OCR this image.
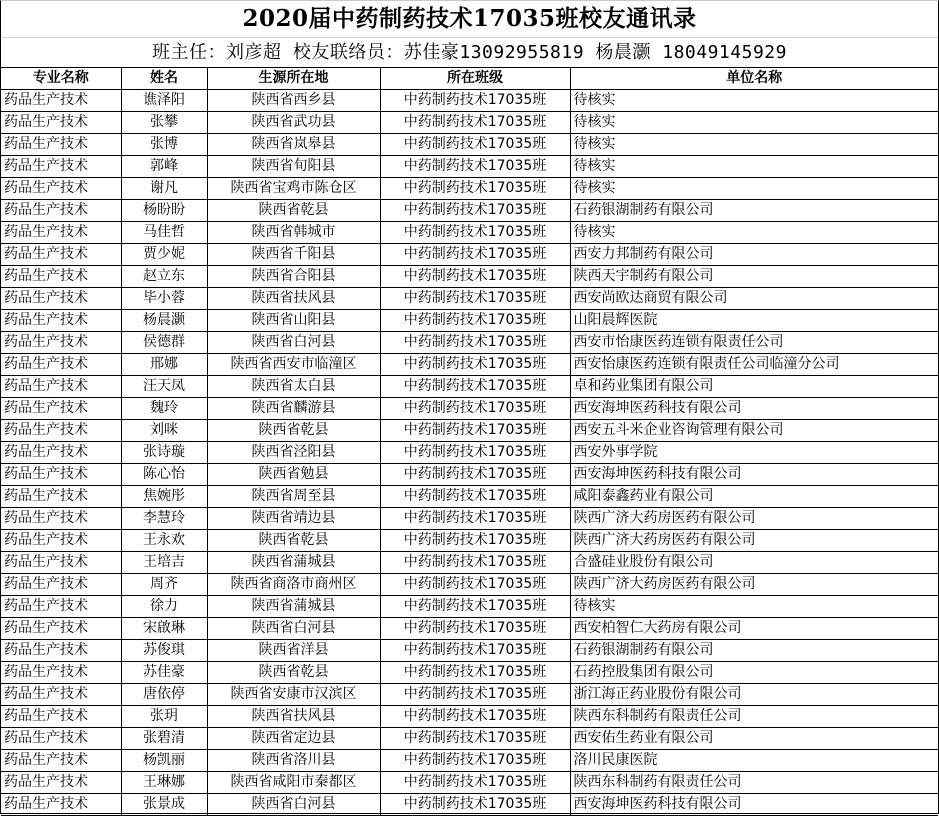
2020届中药制药技术17035班校友通讯录
班主任：刘彦超 校友联络员：苏佳豪13092955819 杨晨灏 18049145929
专业名称	姓名	生源所在地	所在班级	单位名称
药品生产技术	谯泽阳	陕西省西乡县	中药制药技术17035班	待核实
药品生产技术	张攀	陕西省武功县	中药制药技术17035班	待核实
药品生产技术	张博	陕西省岚皋县	中药制药技术17035班	待核实
药品生产技术	郭峰	陕西省旬阳县	中药制药技术17035班	待核实
药品生产技术	谢凡	陕西省宝鸡市陈仓区	中药制药技术17035班	待核实
药品生产技术	杨盼盼	陕西省乾县	中药制药技术17035班	石药银湖制药有限公司
药品生产技术	马佳哲	陕西省韩城市	中药制药技术17035班	待核实
药品生产技术	贾少妮	陕西省千阳县	中药制药技术17035班	西安力邦制药有限公司
药品生产技术	赵立东	陕西省合阳县	中药制药技术17035班	陕西天宇制药有限公司
药品生产技术	毕小蓉	陕西省扶风县	中药制药技术17035班	西安尚欧达商贸有限公司
药品生产技术	杨晨灏	陕西省山阳县	中药制药技术17035班	山阳晨辉医院
药品生产技术	侯德群	陕西省白河县	中药制药技术17035班	西安市怡康医药连锁有限责任公司
药品生产技术	邢娜	陕西省西安市临潼区	中药制药技术17035班	西安怡康医药连锁有限责任公司临潼分公司
药品生产技术	汪天凤	陕西省太白县	中药制药技术17035班	卓和药业集团有限公司
药品生产技术	魏玲	陕西省麟游县	中药制药技术17035班	西安海坤医药科技有限公司
药品生产技术	刘咪	陕西省乾县	中药制药技术17035班	西安五斗米企业咨询管理有限公司
药品生产技术	张诗璇	陕西省泾阳县	中药制药技术17035班	西安外事学院
药品生产技术	陈心怡	陕西省勉县	中药制药技术17035班	西安海坤医药科技有限公司
药品生产技术	焦婉彤	陕西省周至县	中药制药技术17035班	咸阳泰鑫药业有限公司
药品生产技术	李慧玲	陕西省靖边县	中药制药技术17035班	陕西广济大药房医药有限公司
药品生产技术	王永欢	陕西省乾县	中药制药技术17035班	陕西广济大药房医药有限公司
药品生产技术	王培吉	陕西省蒲城县	中药制药技术17035班	合盛硅业股份有限公司
药品生产技术	周齐	陕西省商洛市商州区	中药制药技术17035班	陕西广济大药房医药有限公司
药品生产技术	徐力	陕西省蒲城县	中药制药技术17035班	待核实
药品生产技术	宋啟琳	陕西省白河县	中药制药技术17035班	西安柏智仁大药房有限公司
药品生产技术	苏俊琪	陕西省洋县	中药制药技术17035班	石药银湖制药有限公司
药品生产技术	苏佳豪	陕西省乾县	中药制药技术17035班	石药控股集团有限公司
药品生产技术	唐依停	陕西省安康市汉滨区	中药制药技术17035班	浙江海正药业股份有限公司
药品生产技术	张玥	陕西省扶风县	中药制药技术17035班	陕西东科制药有限责任公司
药品生产技术	张碧清	陕西省定边县	中药制药技术17035班	西安佑生药业有限公司
药品生产技术	杨凯丽	陕西省洛川县	中药制药技术17035班	洛川民康医院
药品生产技术	王琳娜	陕西省咸阳市秦都区	中药制药技术17035班	陕西东科制药有限责任公司
药品生产技术	张景成	陕西省白河县	中药制药技术17035班	西安海坤医药科技有限公司
